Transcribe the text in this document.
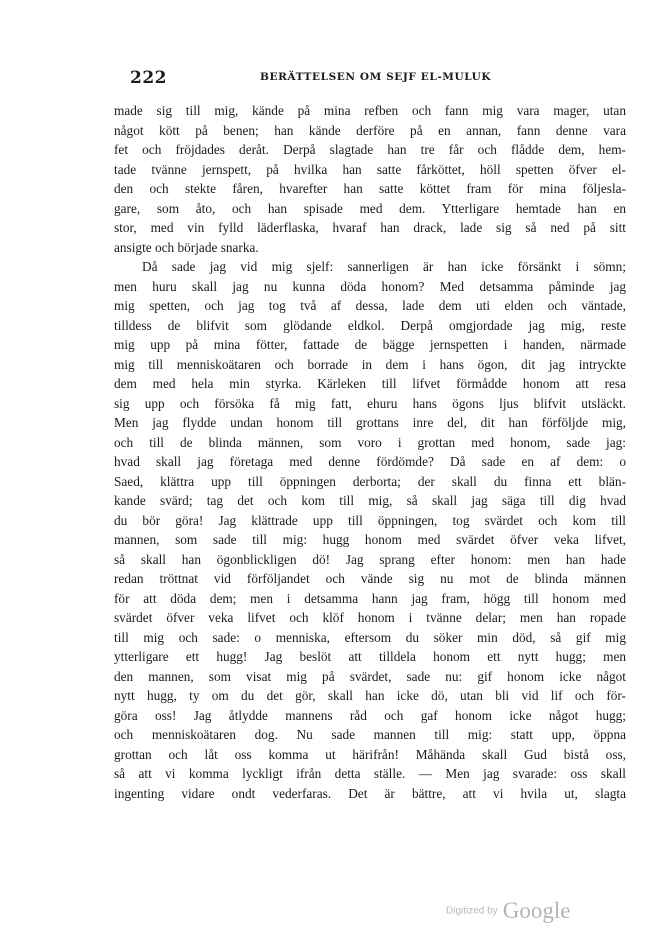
222	BERÄTTELSEN OM SEJF EL-MULUK
made sig till mig, kände på mina refben och fann mig vara mager, utan
något kött på benen; han kände derföre på en annan, fann denne vara
fet och fröjdades deråt. Derpå slagtade han tre får och flådde dem, hem-
tade tvänne jernspett, på hvilka han satte fårköttet, höll spetten öfver el-
den och stekte fåren, hvarefter han satte köttet fram för mina följesla-
gare, som åto, och han spisade med dem. Ytterligare hemtade han en
stor, med vin fylld läderflaska, hvaraf han drack, lade sig så ned på sitt
ansigte och började snarka.
Då sade jag vid mig sjelf: sannerligen är han icke försänkt i sömn;
men huru skall jag nu kunna döda honom? Med detsamma påminde jag
mig spetten, och jag tog två af dessa, lade dem uti elden och väntade,
tilldess de blifvit som glödande eldkol. Derpå omgjordade jag mig, reste
mig upp på mina fötter, fattade de bägge jernspetten i handen, närmade
mig till menniskoätaren och borrade in dem i hans ögon, dit jag intryckte
dem med hela min styrka. Kärleken till lifvet förmådde honom att resa
sig upp och försöka få mig fatt, ehuru hans ögons ljus blifvit utsläckt.
Men jag flydde undan honom till grottans inre del, dit han förföljde mig,
och till de blinda männen, som voro i grottan med honom, sade jag:
hvad skall jag företaga med denne fördömde? Då sade en af dem: o
Saed, klättra upp till öppningen derborta; der skall du finna ett blän-
kande svärd; tag det och kom till mig, så skall jag säga till dig hvad
du bör göra! Jag klättrade upp till öppningen, tog svärdet och kom till
mannen, som sade till mig: hugg honom med svärdet öfver veka lifvet,
så skall han ögonblickligen dö! Jag sprang efter honom: men han hade
redan tröttnat vid förföljandet och vände sig nu mot de blinda männen
för att döda dem; men i detsamma hann jag fram, högg till honom med
svärdet öfver veka lifvet och klöf honom i tvänne delar; men han ropade
till mig och sade: o menniska, eftersom du söker min död, så gif mig
ytterligare ett hugg! Jag beslöt att tilldela honom ett nytt hugg; men
den mannen, som visat mig på svärdet, sade nu: gif honom icke något
nytt hugg, ty om du det gör, skall han icke dö, utan bli vid lif och för-
göra oss! Jag åtlydde mannens råd och gaf honom icke något hugg;
och menniskoätaren dog. Nu sade mannen till mig: statt upp, öppna
grottan och låt oss komma ut härifrån! Måhända skall Gud bistå oss,
så att vi komma lyckligt ifrån detta ställe. — Men jag svarade: oss skall
ingenting vidare ondt vederfaras. Det är bättre, att vi hvila ut, slagta
Digitized by Google
